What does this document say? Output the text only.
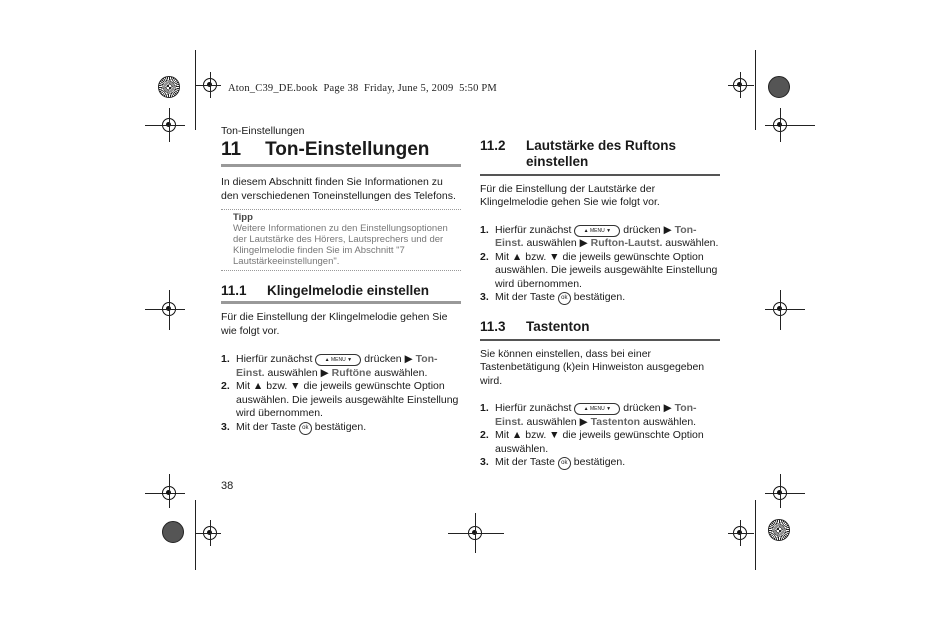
Aton_C39_DE.book  Page 38  Friday, June 5, 2009  5:50 PM
Ton-Einstellungen
11 Ton-Einstellungen

In diesem Abschnitt finden Sie Informationen zu den verschiedenen Toneinstellungen des Telefons.

Tipp
Weitere Informationen zu den Einstellungsoptionen der Lautstärke des Hörers, Lautsprechers und der Klingelmelodie finden Sie im Abschnitt "7 Lautstärkeeinstellungen".
11.1	Klingelmelodie einstellen

Für die Einstellung der Klingelmelodie gehen Sie wie folgt vor.

1. Hierfür zunächst ▲ MENU ▼ drücken ▶ Ton-Einst. auswählen ▶ Ruftöne auswählen.
2. Mit ▲ bzw. ▼ die jeweils gewünschte Option auswählen. Die jeweils ausgewählte Einstellung wird übernommen.
3. Mit der Taste ok bestätigen.
11.2	Lautstärke des Ruftons einstellen

Für die Einstellung der Lautstärke der Klingelmelodie gehen Sie wie folgt vor.

1. Hierfür zunächst ▲ MENU ▼ drücken ▶ Ton-Einst. auswählen ▶ Rufton-Lautst. auswählen.
2. Mit ▲ bzw. ▼ die jeweils gewünschte Option auswählen. Die jeweils ausgewählte Einstellung wird übernommen.
3. Mit der Taste ok bestätigen.
11.3	Tastenton

Sie können einstellen, dass bei einer Tastenbetätigung (k)ein Hinweiston ausgegeben wird.

1. Hierfür zunächst ▲ MENU ▼ drücken ▶ Ton-Einst. auswählen ▶ Tastenton auswählen.
2. Mit ▲ bzw. ▼ die jeweils gewünschte Option auswählen.
3. Mit der Taste ok bestätigen.
38
